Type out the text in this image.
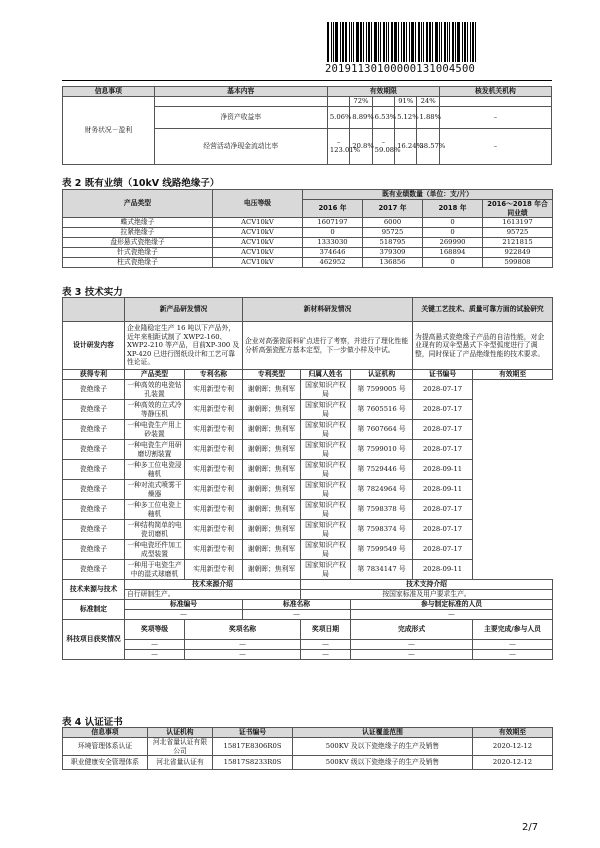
20191130100000131004500
信息事项	基本内容	有效期限					核发机关机构
财务状况－盈利			72%		91%	24%	
	净资产收益率	5.06%	8.89%	6.53%	5.12%	1.88%	–
	经营活动净现金流动比率	–123.01%	20.8%	–59.08%	16.24%	38.57%	–
表 2 既有业绩（10kV 线路绝缘子）
产品类型	电压等级	既有业绩数量（单位：支/片）			
		2016 年	2017 年	2018 年	2016～2018 年合同业绩
蝶式绝缘子	ACV10kV	1607197	6000	0	1613197
拉紧绝缘子	ACV10kV	0	95725	0	95725
盘形悬式瓷绝缘子	ACV10kV	1333030	518795	269990	2121815
针式瓷绝缘子	ACV10kV	374646	379309	168894	922849
柱式瓷绝缘子	ACV10kV	462952	136856	0	599808
表 3 技术实力
	新产品研发情况		新材料研发情况			关键工艺技术、质量可靠方面的试验研究	
设计研发内容	企业隆稳定生产 16 吨以下产品外，近年来相距试制了 XWP2-160、XWP2-210 等产品，目前XP-300 及 XP-420 已进行图纸设计和工艺可靠性论证。		企业对高强瓷原料矿点进行了考察，并进行了理化性能分析高强瓷配方基本定型，下一步做小样及中试。			为提高悬式瓷绝缘子产品的自洁性能，对企业现有的双伞型悬式下伞型弧度进行了调整，同时保证了产品绝缘性能的技术要求。	
获得专利	产品类型	专利名称	专利类型	归属人姓名	认证机构	证书编号	有效期至
瓷绝缘子	一种高效的电瓷钻孔装置	实用新型专利	谢朝晖；焦利军	国家知识产权局	第 7599005 号	2028-07-17	
瓷绝缘子	一种高效的立式冷等静压机	实用新型专利	谢朝晖；焦利军	国家知识产权局	第 7605516 号	2028-07-17	
瓷绝缘子	一种电瓷生产用上砂装置	实用新型专利	谢朝晖；焦利军	国家知识产权局	第 7607664 号	2028-07-17	
瓷绝缘子	一种电瓷生产用研磨切割装置	实用新型专利	谢朝晖；焦利军	国家知识产权局	第 7599010 号	2028-07-17	
瓷绝缘子	一种多工位电瓷浸釉机	实用新型专利	谢朝晖；焦利军	国家知识产权局	第 7529446 号	2028-09-11	
瓷绝缘子	一种对流式喷雾干燥器	实用新型专利	谢朝晖；焦利军	国家知识产权局	第 7824964 号	2028-09-11	
瓷绝缘子	一种多工位电瓷上釉机	实用新型专利	谢朝晖；焦利军	国家知识产权局	第 7598378 号	2028-07-17	
瓷绝缘子	一种结构简单的电瓷切磨机	实用新型专利	谢朝晖；焦利军	国家知识产权局	第 7598374 号	2028-07-17	
瓷绝缘子	一种电瓷坯件加工成型装置	实用新型专利	谢朝晖；焦利军	国家知识产权局	第 7599549 号	2028-07-17	
瓷绝缘子	一种用于电瓷生产中的湿式球磨机	实用新型专利	谢朝晖；焦利军	国家知识产权局	第 7834147 号	2028-09-11	
技术来源与技术	技术来源介绍			技术支持介绍			
	自行研制生产。			按国家标准及用户要求生产。			
标准制定	标准编号		标准名称		参与制定标准的人员		
	—		—		—		
科技项目获奖情况	奖项等级	奖项名称		奖项日期	完成形式		主要完成/参与人员
	—	—		—	—		—
	—	—		—	—		—
表 4 认证证书
信息事项	认证机构	证书编号	认证覆盖范围	有效期至
环境管理体系认证	河北省量认证有限公司	15817E8306R0S	500KV 及以下瓷绝缘子的生产及销售	2020-12-12
职业健康安全管理体系	河北省量认证有	15817S8233R0S	500KV 级以下瓷绝缘子的生产及销售	2020-12-12
2/7
